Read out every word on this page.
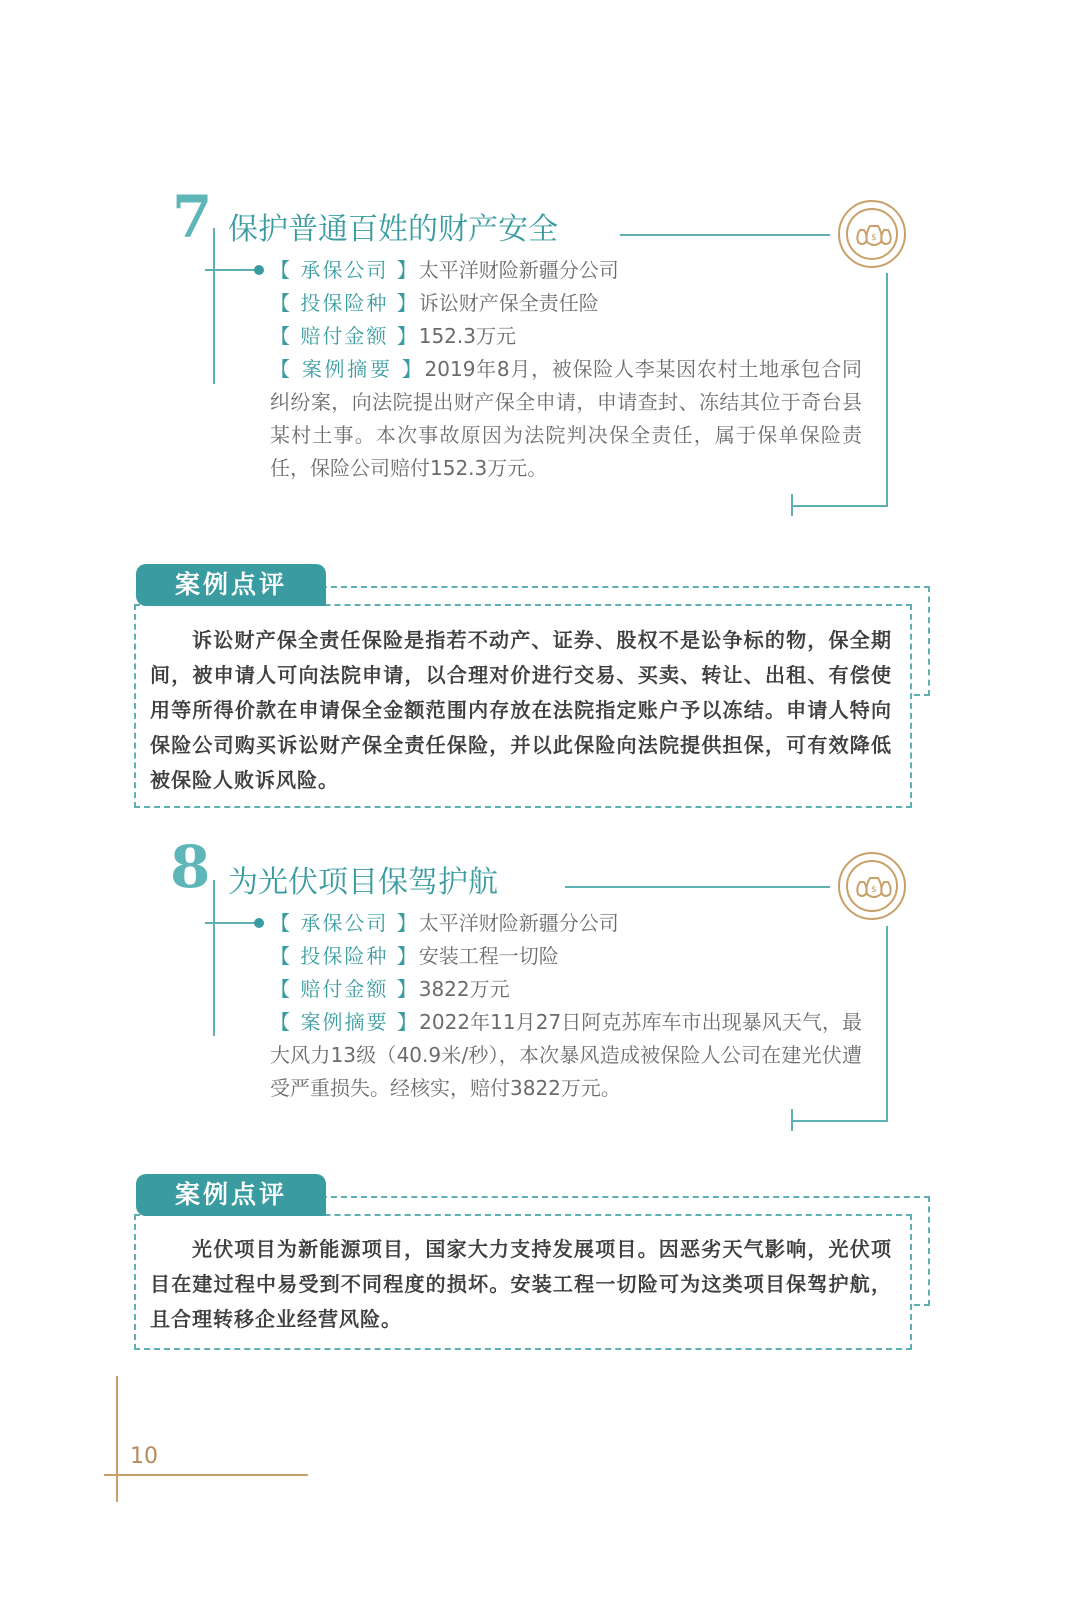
7 保护普通百姓的财产安全	$
【 承保公司 】太平洋财险新疆分公司
【 投保险种 】诉讼财产保全责任险
【 赔付金额 】152.3万元
【 案例摘要 】2019年8月，被保险人李某因农村土地承包合同纠纷案，向法院提出财产保全申请，申请查封、冻结其位于奇台县某村土事。本次事故原因为法院判决保全责任，属于保单保险责任，保险公司赔付152.3万元。
案例点评
诉讼财产保全责任保险是指若不动产、证券、股权不是讼争标的物，保全期间，被申请人可向法院申请，以合理对价进行交易、买卖、转让、出租、有偿使用等所得价款在申请保全金额范围内存放在法院指定账户予以冻结。申请人特向保险公司购买诉讼财产保全责任保险，并以此保险向法院提供担保，可有效降低被保险人败诉风险。
8 为光伏项目保驾护航	$
【 承保公司 】太平洋财险新疆分公司
【 投保险种 】安装工程一切险
【 赔付金额 】3822万元
【 案例摘要 】2022年11月27日阿克苏库车市出现暴风天气，最大风力13级（40.9米/秒），本次暴风造成被保险人公司在建光伏遭受严重损失。经核实，赔付3822万元。
案例点评
光伏项目为新能源项目，国家大力支持发展项目。因恶劣天气影响，光伏项目在建过程中易受到不同程度的损坏。安装工程一切险可为这类项目保驾护航，且合理转移企业经营风险。
10
